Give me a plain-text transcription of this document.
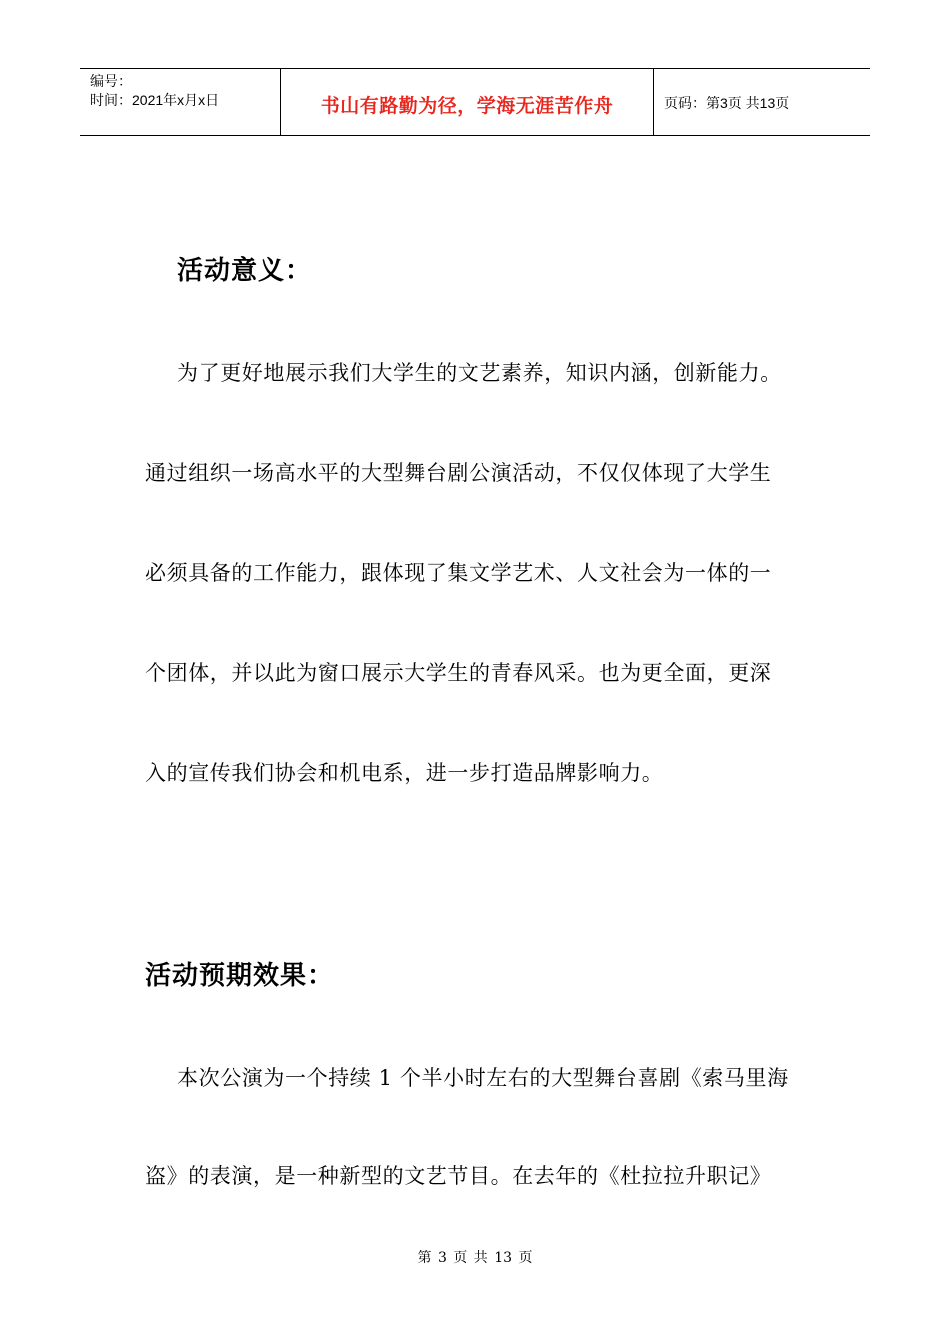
编号：
时间：2021年x月x日	书山有路勤为径，学海无涯苦作舟	页码：第3页 共13页
活动意义：

为了更好地展示我们大学生的文艺素养，知识内涵，创新能力。

通过组织一场高水平的大型舞台剧公演活动，不仅仅体现了大学生

必须具备的工作能力，跟体现了集文学艺术、人文社会为一体的一

个团体，并以此为窗口展示大学生的青春风采。也为更全面，更深

入的宣传我们协会和机电系，进一步打造品牌影响力。

活动预期效果：

本次公演为一个持续 1 个半小时左右的大型舞台喜剧《索马里海

盗》的表演，是一种新型的文艺节目。在去年的《杜拉拉升职记》

第 3 页 共 13 页
